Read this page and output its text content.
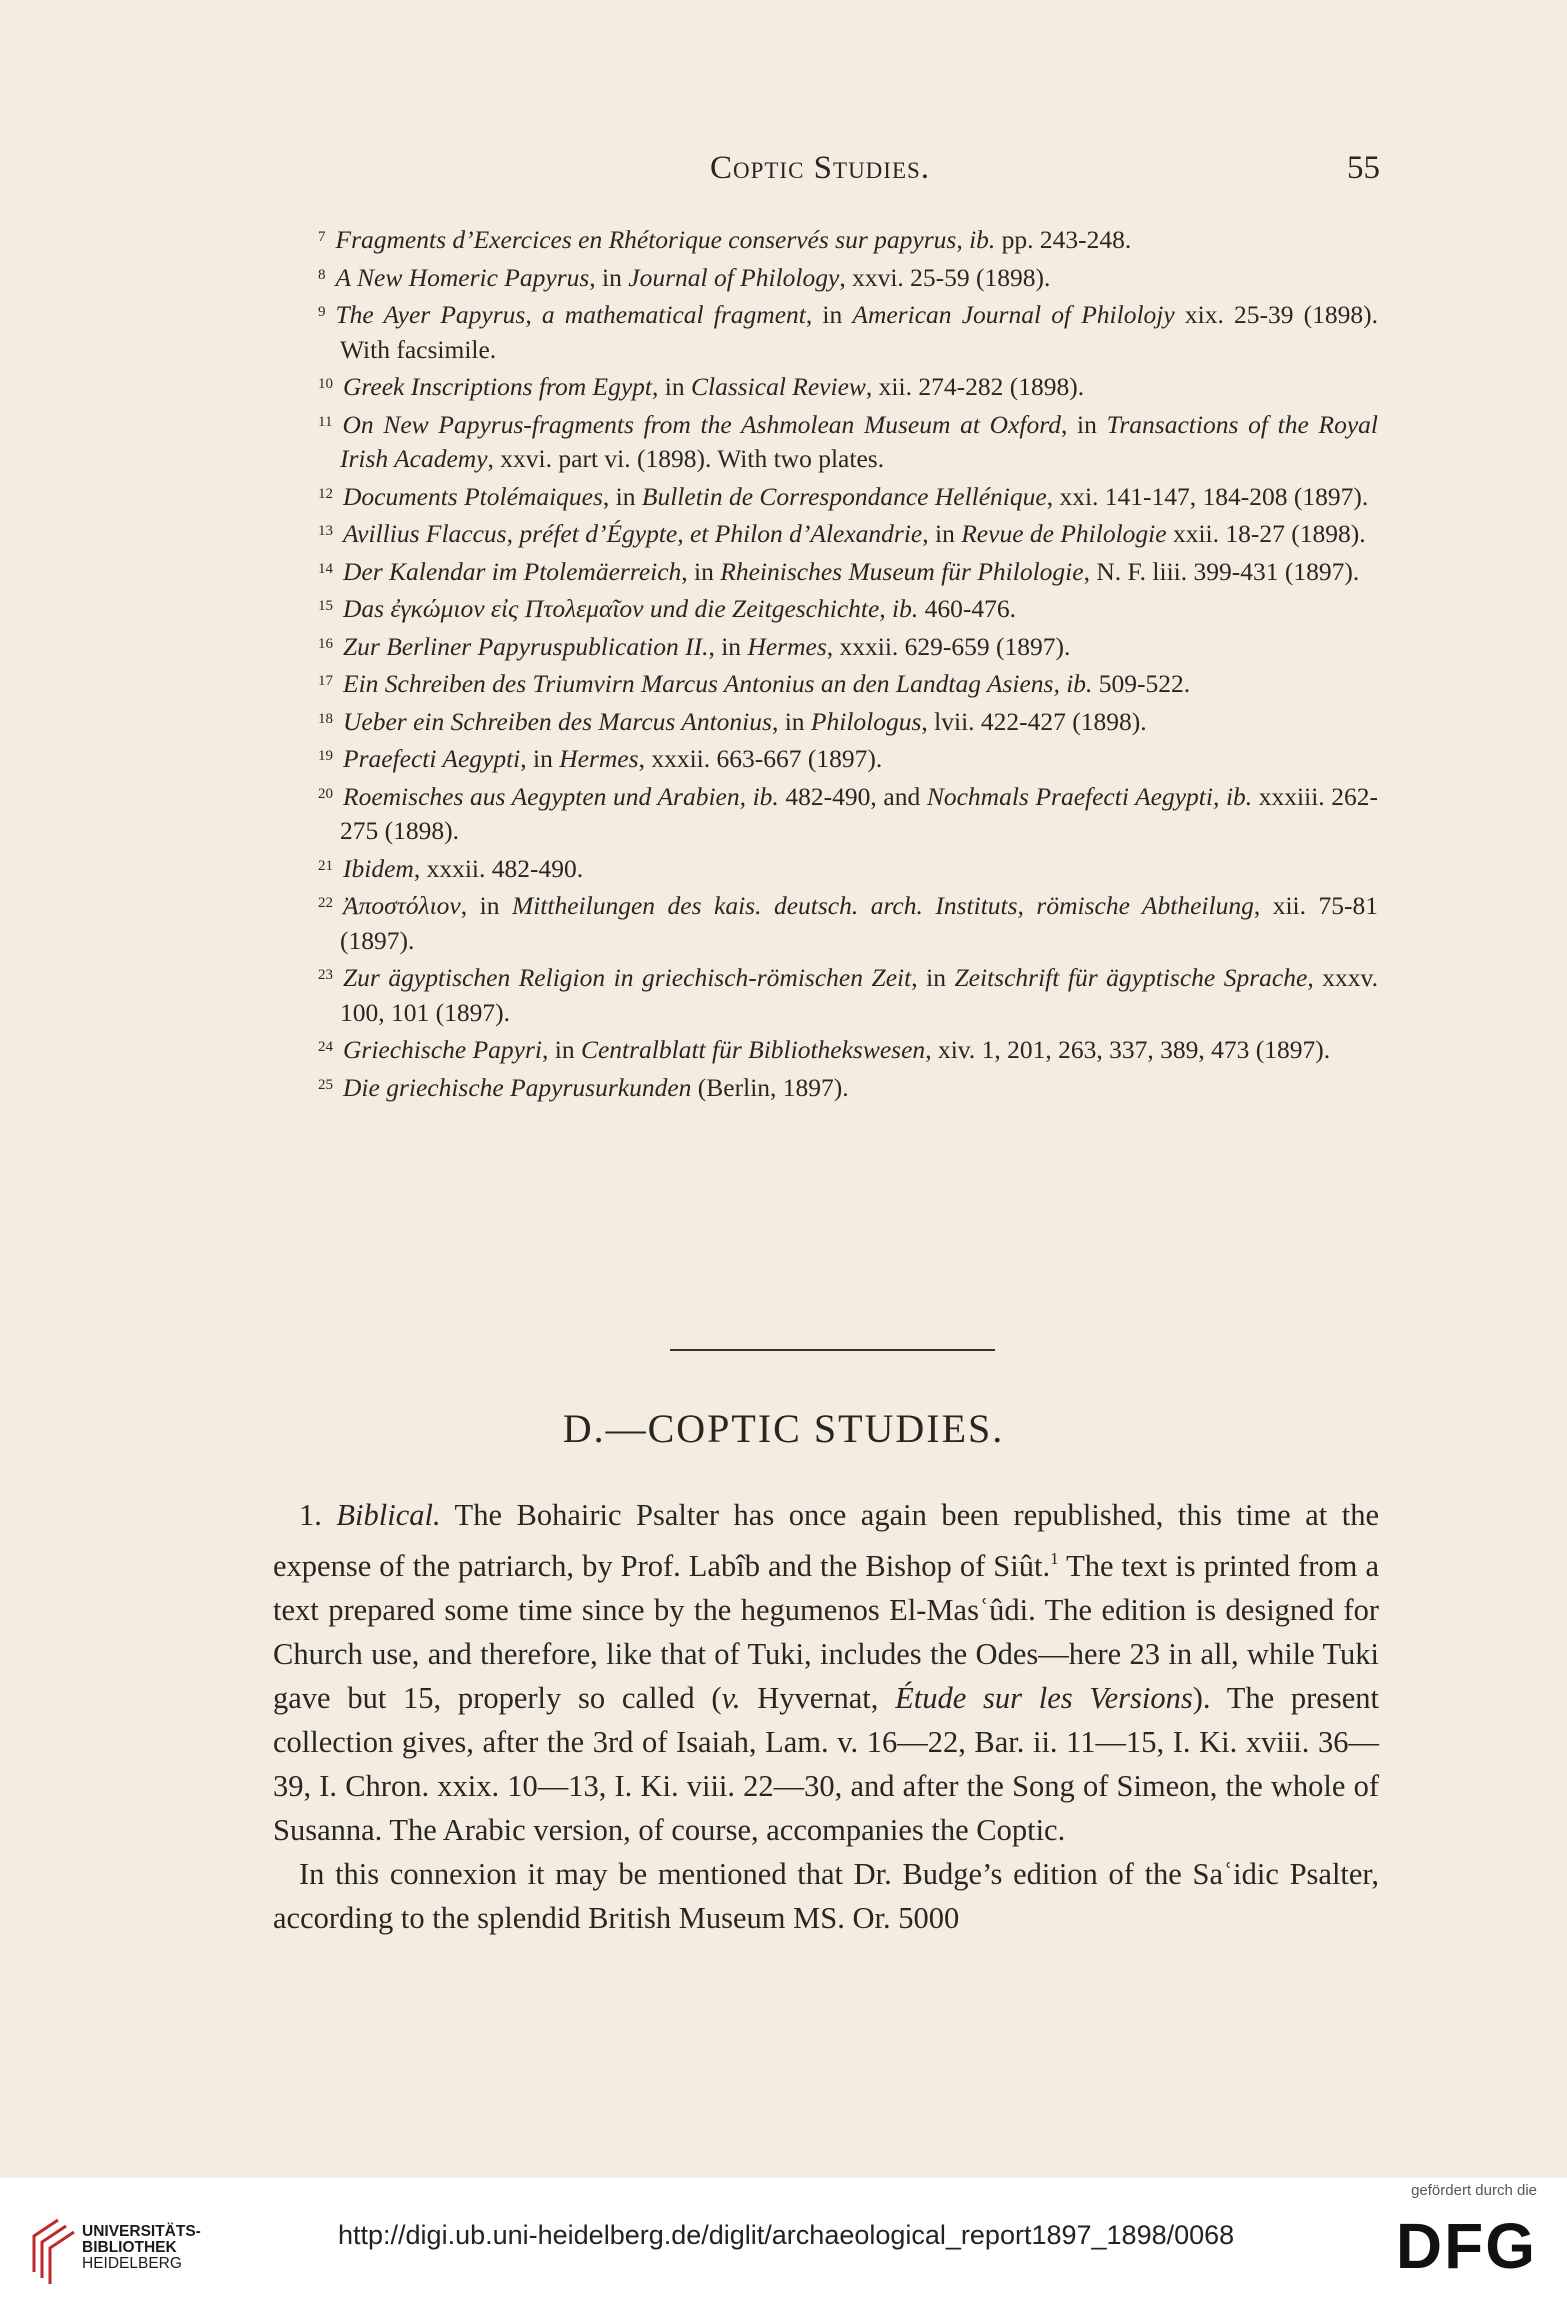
Coptic Studies.	55
$^7$ Fragments d’Exercices en Rhétorique conservés sur papyrus, ib. pp. 243-248.
$^8$ A New Homeric Papyrus, in Journal of Philology, xxvi. 25-59 (1898).
$^9$ The Ayer Papyrus, a mathematical fragment, in American Journal of Philolojy xix. 25-39 (1898). With facsimile.
$^{10}$ Greek Inscriptions from Egypt, in Classical Review, xii. 274-282 (1898).
$^{11}$ On New Papyrus-fragments from the Ashmolean Museum at Oxford, in Transactions of the Royal Irish Academy, xxvi. part vi. (1898). With two plates.
$^{12}$ Documents Ptolémaiques, in Bulletin de Correspondance Hellénique, xxi. 141-147, 184-208 (1897).
$^{13}$ Avillius Flaccus, préfet d’Égypte, et Philon d’Alexandrie, in Revue de Philologie xxii. 18-27 (1898).
$^{14}$ Der Kalendar im Ptolemäerreich, in Rheinisches Museum für Philologie, N. F. liii. 399-431 (1897).
$^{15}$ Das ἐγκώμιον εἰς Πτολεμαῖον und die Zeitgeschichte, ib. 460-476.
$^{16}$ Zur Berliner Papyruspublication II., in Hermes, xxxii. 629-659 (1897).
$^{17}$ Ein Schreiben des Triumvirn Marcus Antonius an den Landtag Asiens, ib. 509-522.
$^{18}$ Ueber ein Schreiben des Marcus Antonius, in Philologus, lvii. 422-427 (1898).
$^{19}$ Praefecti Aegypti, in Hermes, xxxii. 663-667 (1897).
$^{20}$ Roemisches aus Aegypten und Arabien, ib. 482-490, and Nochmals Praefecti Aegypti, ib. xxxiii. 262-275 (1898).
$^{21}$ Ibidem, xxxii. 482-490.
$^{22}$ Ἀποστόλιον, in Mittheilungen des kais. deutsch. arch. Instituts, römische Abtheilung, xii. 75-81 (1897).
$^{23}$ Zur ägyptischen Religion in griechisch-römischen Zeit, in Zeitschrift für ägyptische Sprache, xxxv. 100, 101 (1897).
$^{24}$ Griechische Papyri, in Centralblatt für Bibliothekswesen, xiv. 1, 201, 263, 337, 389, 473 (1897).
$^{25}$ Die griechische Papyrusurkunden (Berlin, 1897).
D.—COPTIC STUDIES.

1. Biblical. The Bohairic Psalter has once again been republished, this time at the expense of the patriarch, by Prof. Labîb and the Bishop of Siût.$^1$ The text is printed from a text prepared some time since by the hegumenos El-Masʿûdi. The edition is designed for Church use, and therefore, like that of Tuki, includes the Odes—here 23 in all, while Tuki gave but 15, properly so called (v. Hyvernat, Étude sur les Versions). The present collection gives, after the 3rd of Isaiah, Lam. v. 16—22, Bar. ii. 11—15, I. Ki. xviii. 36—39, I. Chron. xxix. 10—13, I. Ki. viii. 22—30, and after the Song of Simeon, the whole of Susanna. The Arabic version, of course, accompanies the Coptic.

In this connexion it may be mentioned that Dr. Budge’s edition of the Saʿidic Psalter, according to the splendid British Museum MS. Or. 5000

UNIVERSITÄTS-
BIBLIOTHEK
HEIDELBERG
http://digi.ub.uni-heidelberg.de/diglit/archaeological_report1897_1898/0068
gefördert durch die
DFG
